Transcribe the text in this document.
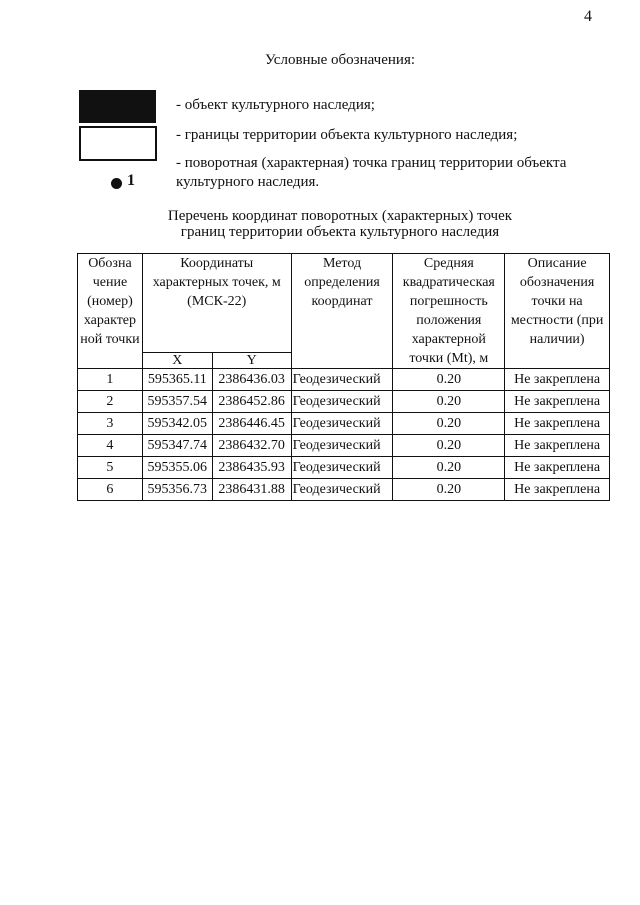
4
Условные обозначения:
- объект культурного наследия;
- границы территории объекта культурного наследия;
1
- поворотная (характерная) точка границ территории объекта культурного наследия.
Перечень координат поворотных (характерных) точек
границ территории объекта культурного наследия
Обозна чение (номер) характер ной точки	Координаты характерных точек, м (МСК-22)		Метод определения координат	Средняя квадратическая погрешность положения характерной точки (Mt), м	Описание обозначения точки на местности (при наличии)
	X	Y			
1	595365.11	2386436.03	Геодезический	0.20	Не закреплена
2	595357.54	2386452.86	Геодезический	0.20	Не закреплена
3	595342.05	2386446.45	Геодезический	0.20	Не закреплена
4	595347.74	2386432.70	Геодезический	0.20	Не закреплена
5	595355.06	2386435.93	Геодезический	0.20	Не закреплена
6	595356.73	2386431.88	Геодезический	0.20	Не закреплена
